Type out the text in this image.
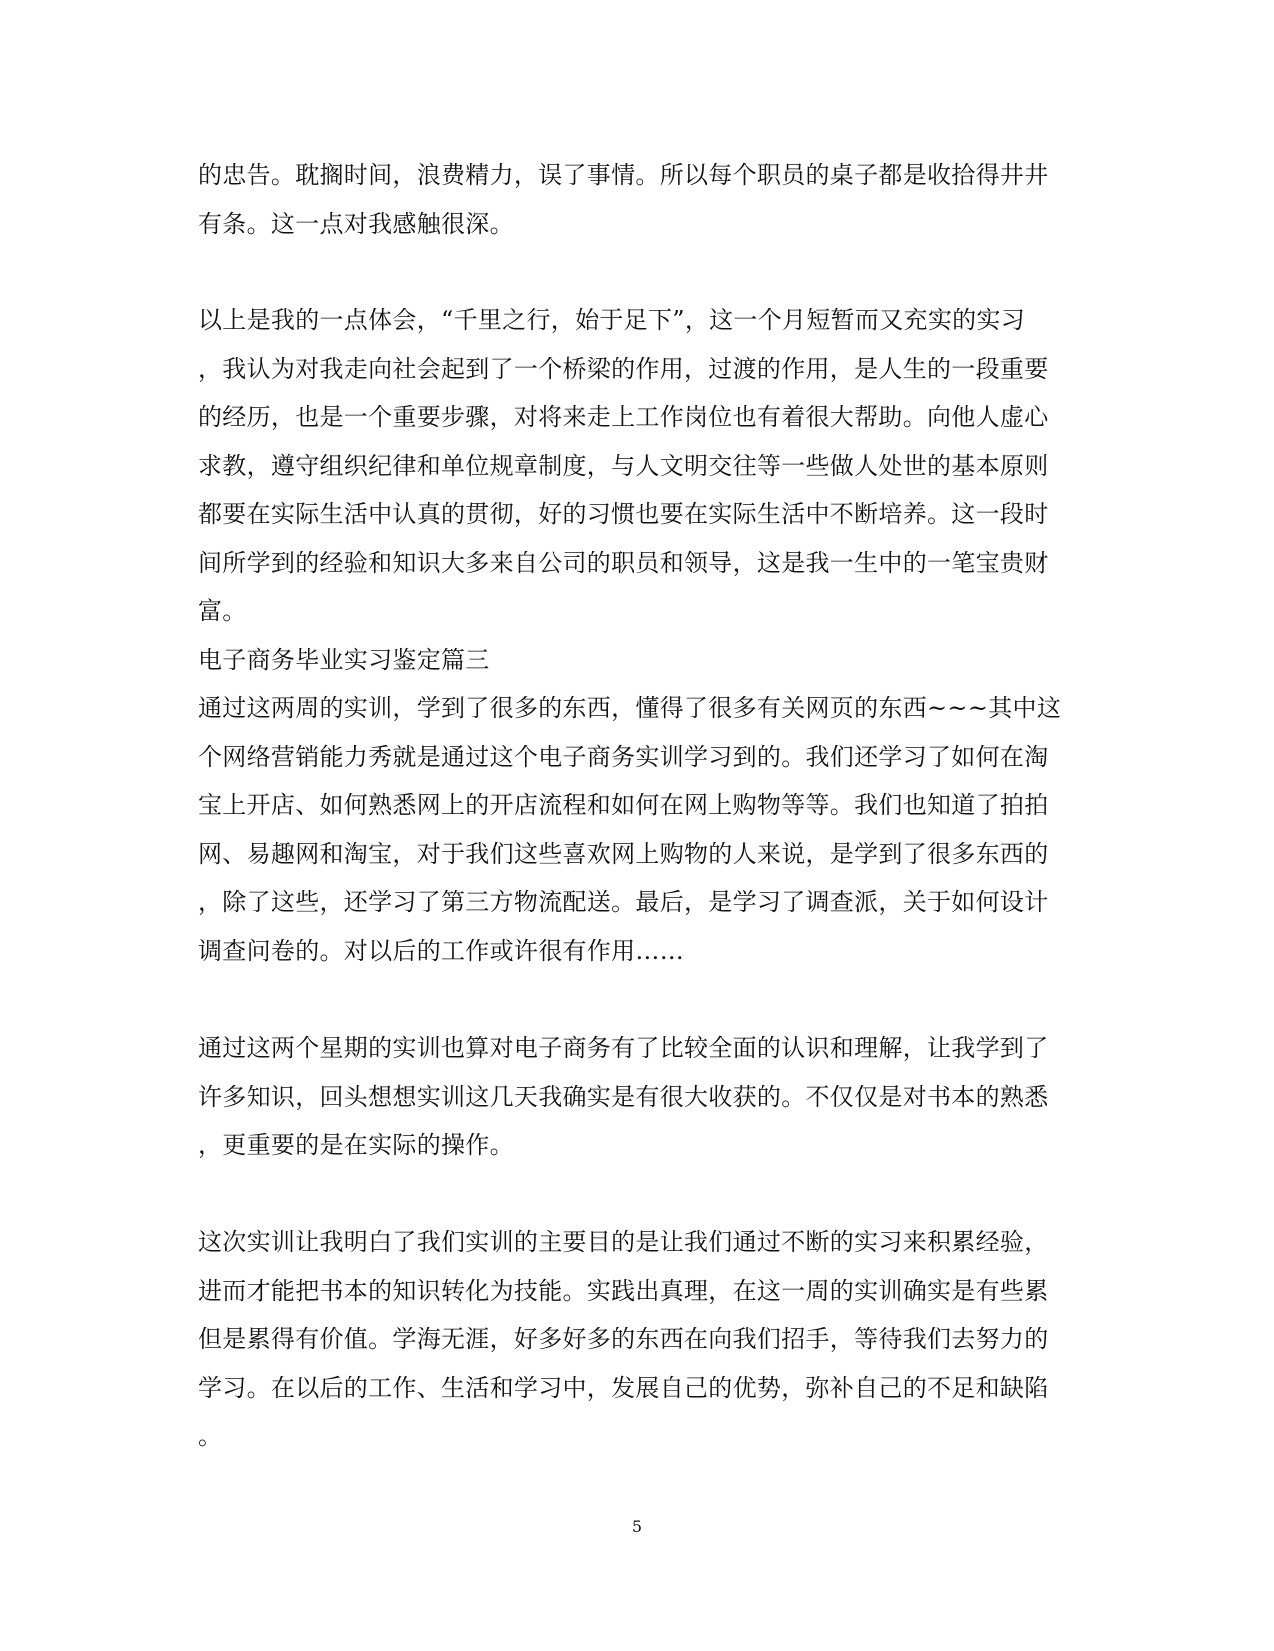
的忠告。耽搁时间，浪费精力，误了事情。所以每个职员的桌子都是收拾得井井
有条。这一点对我感触很深。
以上是我的一点体会，“千里之行，始于足下”，这一个月短暂而又充实的实习
，我认为对我走向社会起到了一个桥梁的作用，过渡的作用，是人生的一段重要
的经历，也是一个重要步骤，对将来走上工作岗位也有着很大帮助。向他人虚心
求教，遵守组织纪律和单位规章制度，与人文明交往等一些做人处世的基本原则
都要在实际生活中认真的贯彻，好的习惯也要在实际生活中不断培养。这一段时
间所学到的经验和知识大多来自公司的职员和领导，这是我一生中的一笔宝贵财
富。
电子商务毕业实习鉴定篇三
通过这两周的实训，学到了很多的东西，懂得了很多有关网页的东西~~~其中这
个网络营销能力秀就是通过这个电子商务实训学习到的。我们还学习了如何在淘
宝上开店、如何熟悉网上的开店流程和如何在网上购物等等。我们也知道了拍拍
网、易趣网和淘宝，对于我们这些喜欢网上购物的人来说，是学到了很多东西的
，除了这些，还学习了第三方物流配送。最后，是学习了调查派，关于如何设计
调查问卷的。对以后的工作或许很有作用……
通过这两个星期的实训也算对电子商务有了比较全面的认识和理解，让我学到了
许多知识，回头想想实训这几天我确实是有很大收获的。不仅仅是对书本的熟悉
，更重要的是在实际的操作。
这次实训让我明白了我们实训的主要目的是让我们通过不断的实习来积累经验，
进而才能把书本的知识转化为技能。实践出真理，在这一周的实训确实是有些累
但是累得有价值。学海无涯，好多好多的东西在向我们招手，等待我们去努力的
学习。在以后的工作、生活和学习中，发展自己的优势，弥补自己的不足和缺陷
。
5
